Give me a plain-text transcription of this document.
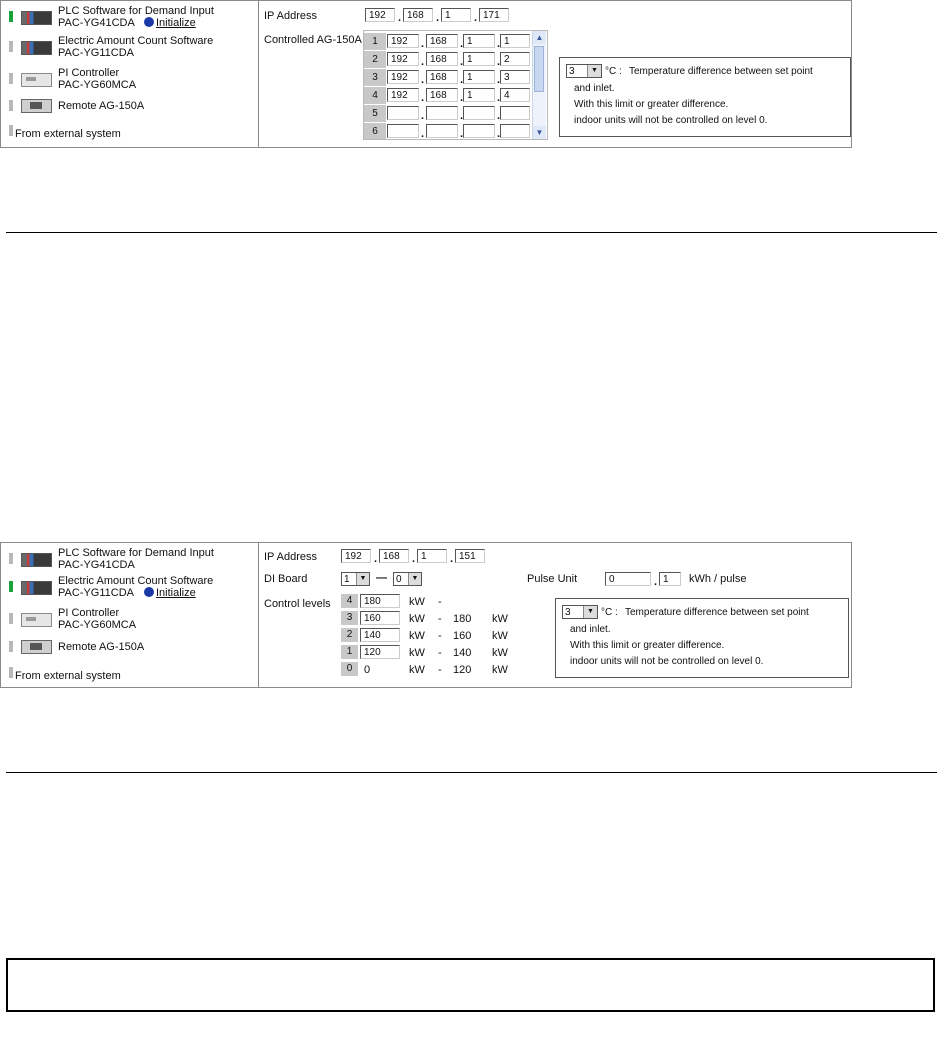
PLC Software for Demand Input
PAC-YG41CDA	Initialize
Electric Amount Count Software
PAC-YG11CDA
PI Controller
PAC-YG60MCA
Remote AG-150A
From external system
IP Address	192	. 168	. 1	. 171
Controlled AG-150A	1	192	. 168	. 1	. 1
2	192	. 168	. 1	. 2
3	192	. 168	. 1	. 3
4	192	. 168	. 1	. 4
5	.	.	.
6	.	.	.
▲
▼
3	▼ °C : Temperature difference between set point
and inlet.
With this limit or greater difference.
indoor units will not be controlled on level 0.
PLC Software for Demand Input
PAC-YG41CDA
Electric Amount Count Software
PAC-YG11CDA	Initialize
PI Controller
PAC-YG60MCA
Remote AG-150A
From external system
IP Address	192	. 168	. 1	. 151
DI Board	1	▼ — 0	▼	Pulse Unit	0	. 1	kWh / pulse
Control levels	4	180	kW -
3	160	kW - 180 kW
2	140	kW - 160 kW
1	120	kW - 140 kW
0	0	kW - 120 kW
3	▼ °C : Temperature difference between set point
and inlet.
With this limit or greater difference.
indoor units will not be controlled on level 0.
